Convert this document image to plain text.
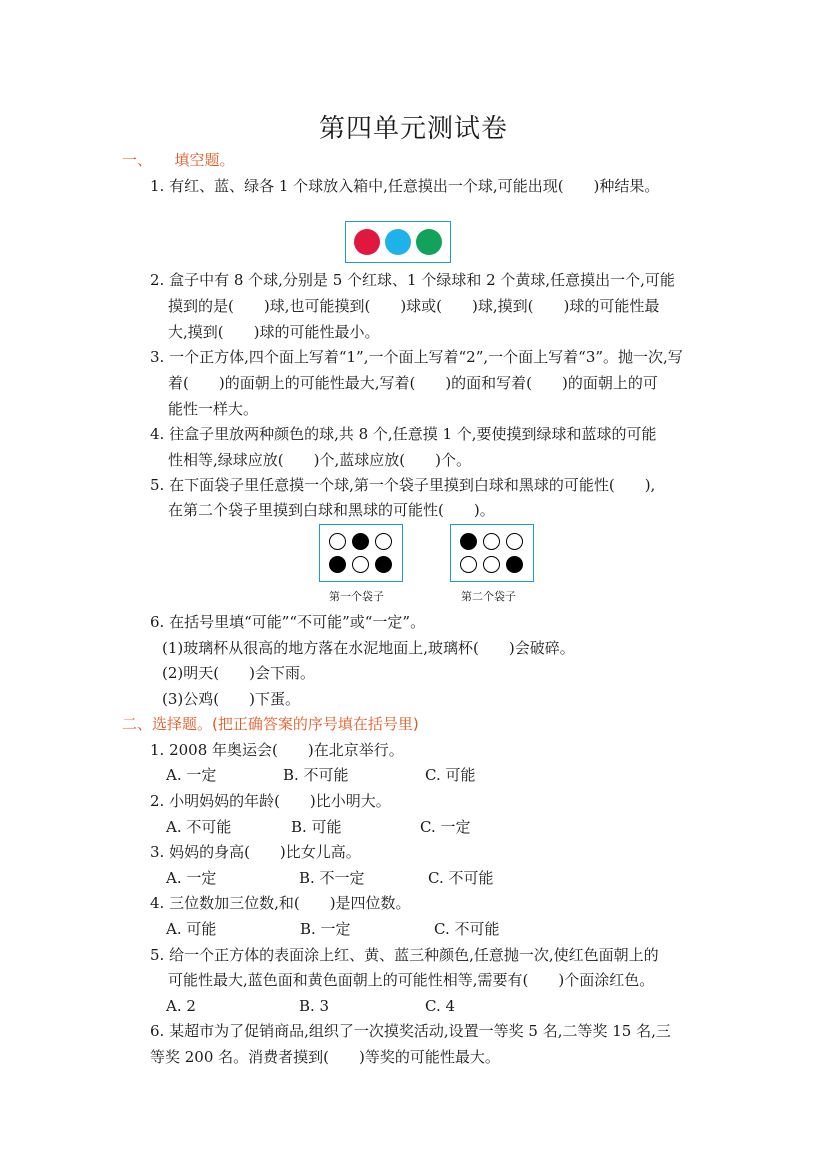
第四单元测试卷
一、　　填空题。
1. 有红、蓝、绿各 1 个球放入箱中,任意摸出一个球,可能出现(　　)种结果。
2. 盒子中有 8 个球,分别是 5 个红球、1 个绿球和 2 个黄球,任意摸出一个,可能
摸到的是(　　)球,也可能摸到(　　)球或(　　)球,摸到(　　)球的可能性最
大,摸到(　　)球的可能性最小。
3. 一个正方体,四个面上写着“1”,一个面上写着“2”,一个面上写着“3”。抛一次,写
着(　　)的面朝上的可能性最大,写着(　　)的面和写着(　　)的面朝上的可
能性一样大。
4. 往盒子里放两种颜色的球,共 8 个,任意摸 1 个,要使摸到绿球和蓝球的可能
性相等,绿球应放(　　)个,蓝球应放(　　)个。
5. 在下面袋子里任意摸一个球,第一个袋子里摸到白球和黑球的可能性(　　),
在第二个袋子里摸到白球和黑球的可能性(　　)。
第一个袋子	第二个袋子
6. 在括号里填“可能”“不可能”或“一定”。
(1)玻璃杯从很高的地方落在水泥地面上,玻璃杯(　　)会破碎。
(2)明天(　　)会下雨。
(3)公鸡(　　)下蛋。
二、选择题。(把正确答案的序号填在括号里)
1. 2008 年奥运会(　　)在北京举行。
A. 一定	B. 不可能	C. 可能
2. 小明妈妈的年龄(　　)比小明大。
A. 不可能	B. 可能	C. 一定
3. 妈妈的身高(　　)比女儿高。
A. 一定	B. 不一定	C. 不可能
4. 三位数加三位数,和(　　)是四位数。
A. 可能	B. 一定	C. 不可能
5. 给一个正方体的表面涂上红、黄、蓝三种颜色,任意抛一次,使红色面朝上的
可能性最大,蓝色面和黄色面朝上的可能性相等,需要有(　　)个面涂红色。
A. 2	B. 3	C. 4
6. 某超市为了促销商品,组织了一次摸奖活动,设置一等奖 5 名,二等奖 15 名,三
等奖 200 名。消费者摸到(　　)等奖的可能性最大。
